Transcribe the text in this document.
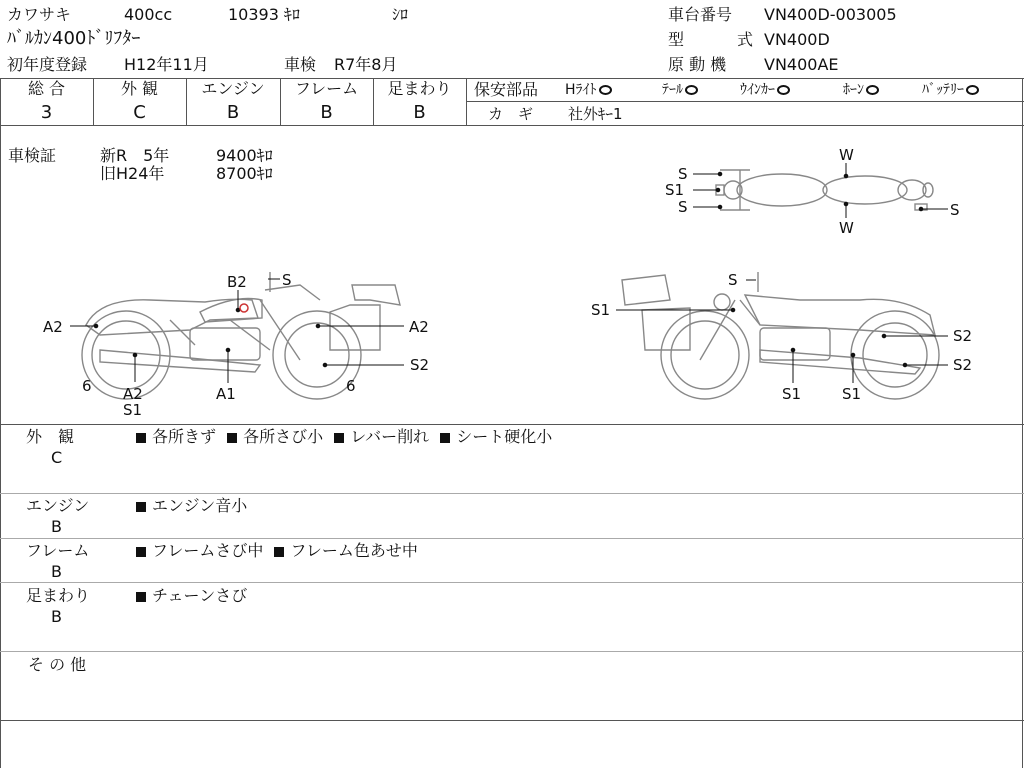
カワサキ	400cc	10393 ｷﾛ	ｼﾛ
ﾊﾞﾙｶﾝ400ﾄﾞﾘﾌﾀｰ
初年度登録 H12年11月	車検 R7年8月
車台番号 VN400D-003005
型	式 VN400D
原 動 機 VN400AE
総 合
3
外 観
C
エンジン
B
フレーム
B
足まわり
B
保安部品 Hﾗｲﾄ	ﾃｰﾙ	ｳｲﾝｶｰ	ﾎｰﾝ	ﾊﾞｯﾃﾘｰ
カ　ギ 社外ｷｰ1
車検証	新R　5年	9400ｷﾛ
旧H24年	8700ｷﾛ	S
S1
S
W
W
S
B2 S
A2	A2
A2
S1
A1
6	6
S2
S
S1
S2
S2
S1	S1
外　観
C
各所きず 各所さび小 レバー削れ シート硬化小
エンジン
B
エンジン音小
フレーム
B
フレームさび中 フレーム色あせ中
足まわり
B
チェーンさび
そ の 他
